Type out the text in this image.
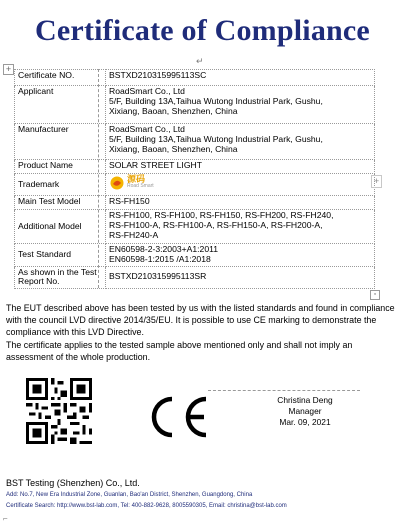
Certificate of Compliance
↵
+
Certificate NO.	BSTXD210315995113SC
Applicant	RoadSmart Co., Ltd
5/F, Building 13A,Taihua Wutong Industrial Park, Gushu,
Xixiang, Baoan, Shenzhen, China

Manufacturer	RoadSmart Co., Ltd
5/F, Building 13A,Taihua Wutong Industrial Park, Gushu,
Xixiang, Baoan, Shenzhen, China

Product Name	SOLAR STREET LIGHT
Trademark	源码
Road Smart

Main Test Model	RS-FH150
Additional Model	RS-FH100, RS-FH100, RS-FH150, RS-FH200, RS-FH240,
RS-FH100-A, RS-FH100-A, RS-FH150-A, RS-FH200-A,
RS-FH240-A

Test Standard	EN60598-2-3:2003+A1:2011
EN60598-1:2015 /A1:2018

As shown in the Test Report No.	BSTXD210315995113SR
+
▫
The EUT described above has been tested by us with the listed standards and found in compliance with the council LVD directive 2014/35/EU. It is possible to use CE marking to demonstrate the compliance with this LVD Directive.
The certificate applies to the tested sample above mentioned only and shall not imply an assessment of the whole production.
Christina Deng
Manager
Mar. 09, 2021
BST Testing (Shenzhen) Co., Ltd.
Add: No.7, New Era Industrial Zone, Guanlan, Bao'an District, Shenzhen, Guangdong, China
Certificate Search: http://www.bst-lab.com, Tel: 400-882-9628, 8005590305, Email: christina@bst-lab.com
⌐
